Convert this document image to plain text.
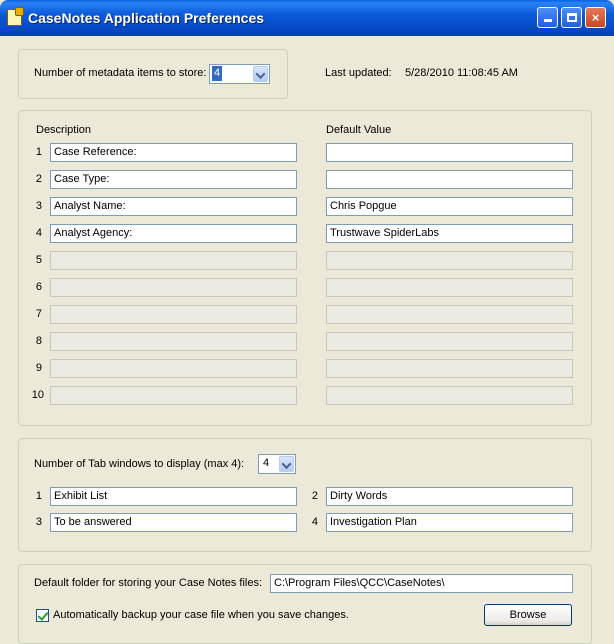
CaseNotes Application Preferences	×
Number of metadata items to store: 4	Last updated: 5/28/2010 11:08:45 AM
Description	Default Value
1	Case Reference:
2	Case Type:
3	Analyst Name:	Chris Popgue
4	Analyst Agency:	Trustwave SpiderLabs
5
6
7
8
9
10
Number of Tab windows to display (max 4): 4
1	Exhibit List	2	Dirty Words
3	To be answered	4	Investigation Plan
Default folder for storing your Case Notes files:	C:\Program Files\QCC\CaseNotes\
Automatically backup your case file when you save changes.	Browse
